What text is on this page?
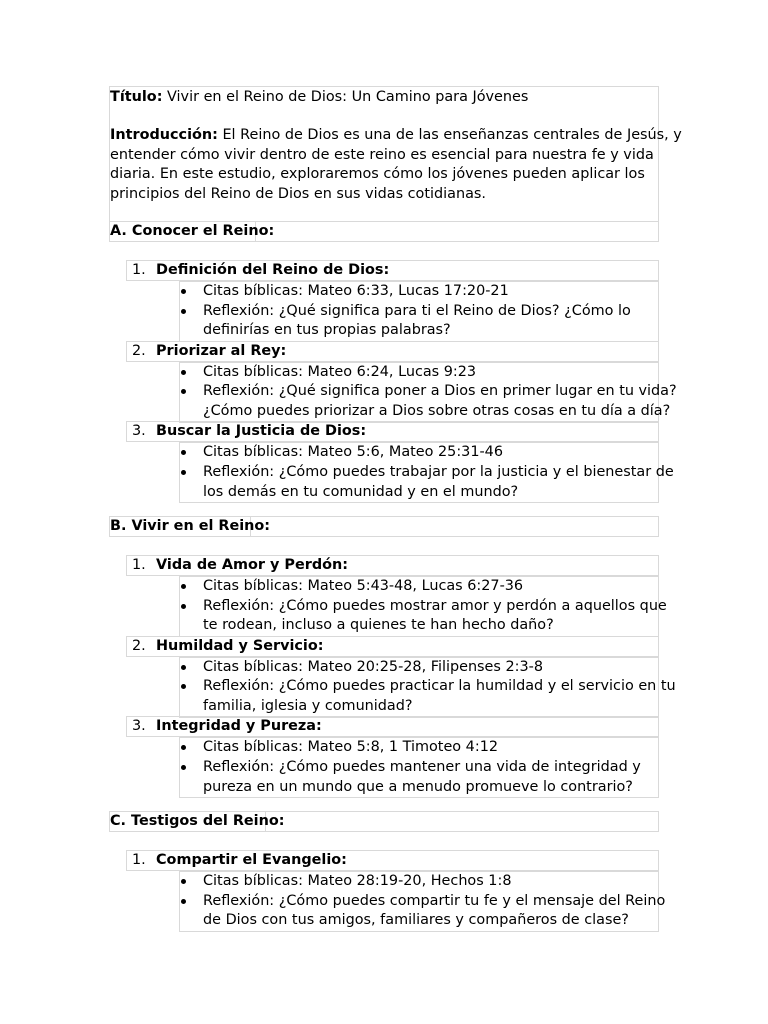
Título: Vivir en el Reino de Dios: Un Camino para Jóvenes
Introducción: El Reino de Dios es una de las enseñanzas centrales de Jesús, y
entender cómo vivir dentro de este reino es esencial para nuestra fe y vida
diaria. En este estudio, exploraremos cómo los jóvenes pueden aplicar los
principios del Reino de Dios en sus vidas cotidianas.
A. Conocer el Reino:
1. Definición del Reino de Dios:
Citas bíblicas: Mateo 6:33, Lucas 17:20-21
Reflexión: ¿Qué significa para ti el Reino de Dios? ¿Cómo lo
definirías en tus propias palabras?
2. Priorizar al Rey:
Citas bíblicas: Mateo 6:24, Lucas 9:23
Reflexión: ¿Qué significa poner a Dios en primer lugar en tu vida?
¿Cómo puedes priorizar a Dios sobre otras cosas en tu día a día?
3. Buscar la Justicia de Dios:
Citas bíblicas: Mateo 5:6, Mateo 25:31-46
Reflexión: ¿Cómo puedes trabajar por la justicia y el bienestar de
los demás en tu comunidad y en el mundo?
B. Vivir en el Reino:
1. Vida de Amor y Perdón:
Citas bíblicas: Mateo 5:43-48, Lucas 6:27-36
Reflexión: ¿Cómo puedes mostrar amor y perdón a aquellos que
te rodean, incluso a quienes te han hecho daño?
2. Humildad y Servicio:
Citas bíblicas: Mateo 20:25-28, Filipenses 2:3-8
Reflexión: ¿Cómo puedes practicar la humildad y el servicio en tu
familia, iglesia y comunidad?
3. Integridad y Pureza:
Citas bíblicas: Mateo 5:8, 1 Timoteo 4:12
Reflexión: ¿Cómo puedes mantener una vida de integridad y
pureza en un mundo que a menudo promueve lo contrario?
C. Testigos del Reino:
1. Compartir el Evangelio:
Citas bíblicas: Mateo 28:19-20, Hechos 1:8
Reflexión: ¿Cómo puedes compartir tu fe y el mensaje del Reino
de Dios con tus amigos, familiares y compañeros de clase?
